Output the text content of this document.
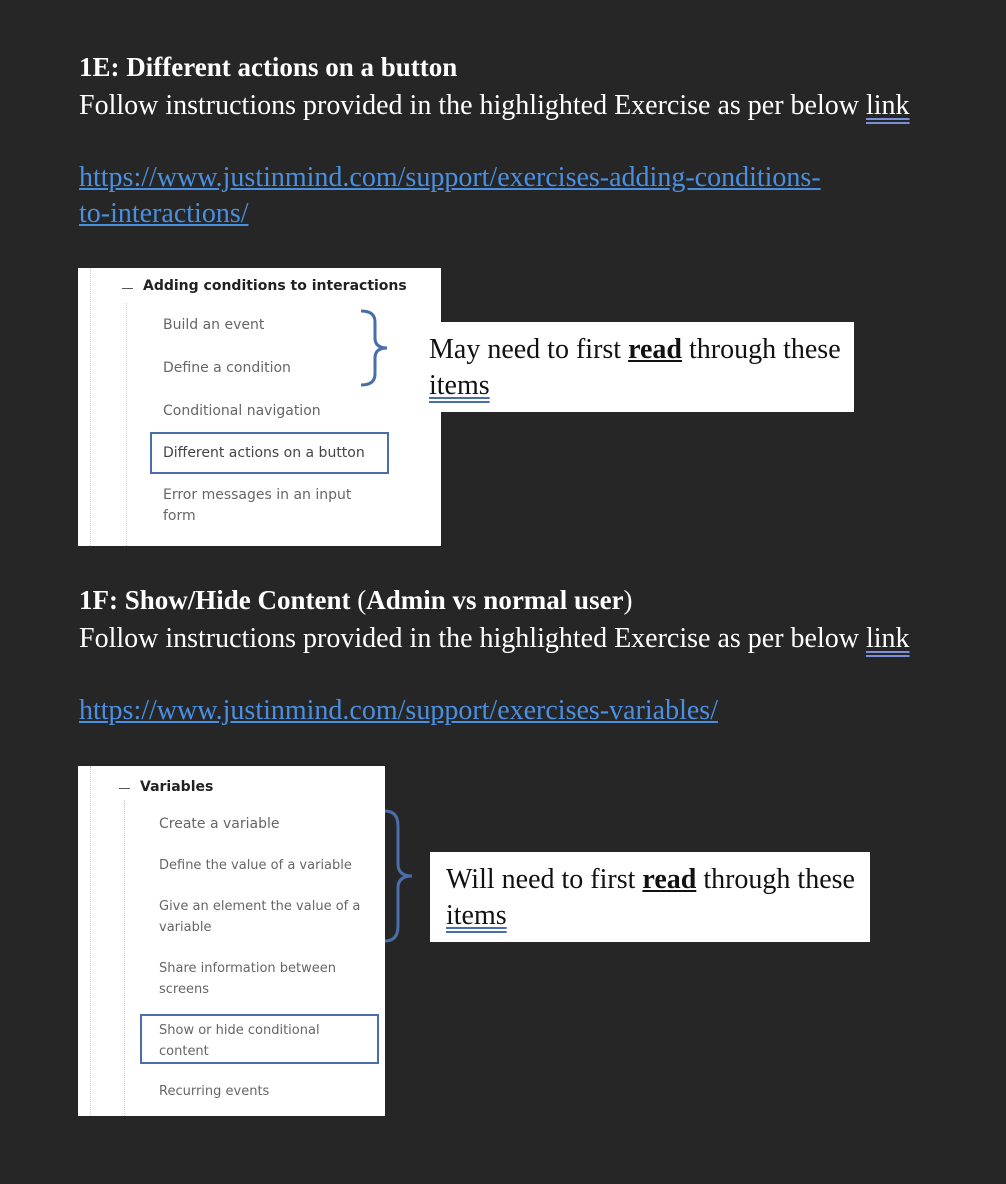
1E: Different actions on a button

Follow instructions provided in the highlighted Exercise as per below link

https://www.justinmind.com/support/exercises-adding-conditions-to-interactions/

Adding conditions to interactions
Build an event
Define a condition
Conditional navigation
Different actions on a button
Error messages in an input form
May need to first read through these items
1F: Show/Hide Content (Admin vs normal user)

Follow instructions provided in the highlighted Exercise as per below link

https://www.justinmind.com/support/exercises-variables/

Variables
Create a variable
Define the value of a variable
Give an element the value of a variable
Share information between screens
Show or hide conditional content
Recurring events
Will need to first read through these items
